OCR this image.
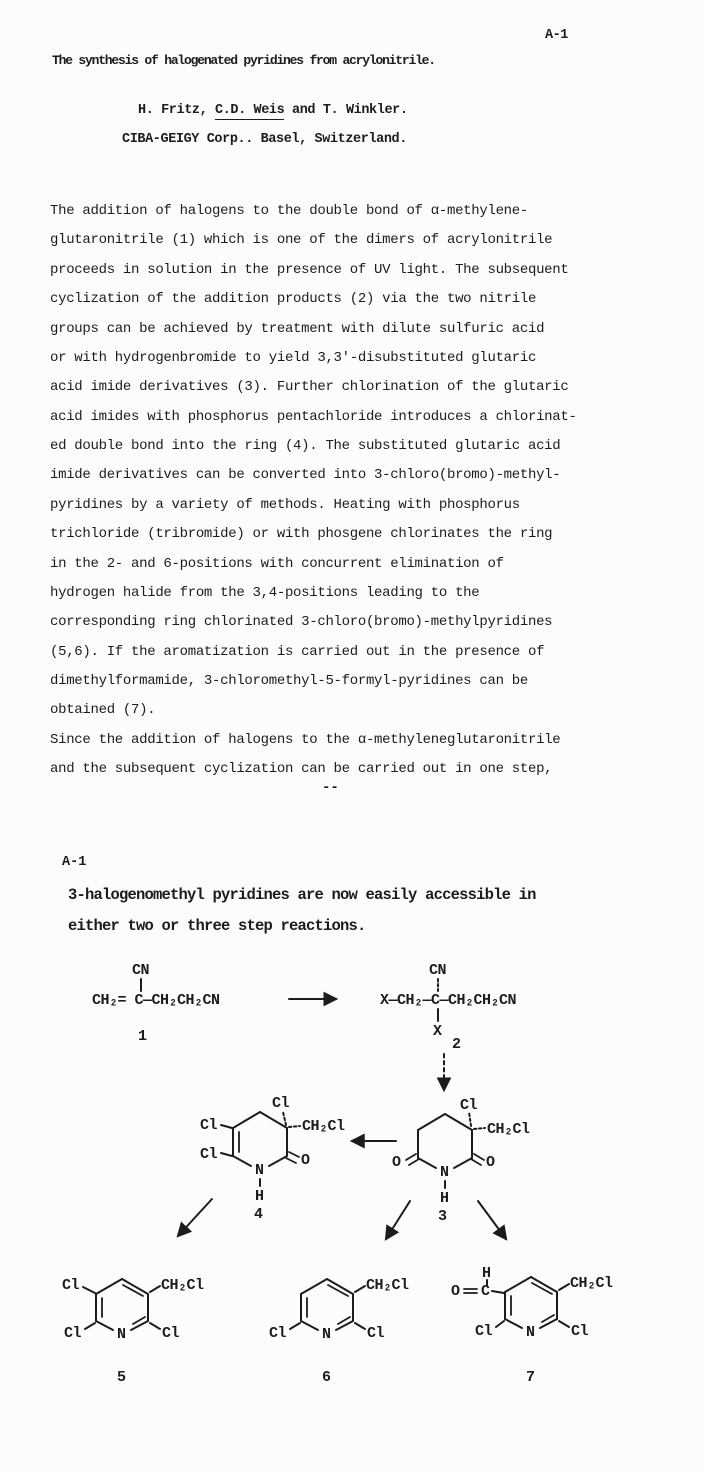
A-1
The synthesis of halogenated pyridines from acrylonitrile.
H. Fritz, C.D. Weis and T. Winkler.
CIBA-GEIGY Corp.. Basel, Switzerland.
The addition of halogens to the double bond of α-methylene-
glutaronitrile (1) which is one of the dimers of acrylonitrile
proceeds in solution in the presence of UV light. The subsequent
cyclization of the addition products (2) via the two nitrile
groups can be achieved by treatment with dilute sulfuric acid
or with hydrogenbromide to yield 3,3'-disubstituted glutaric
acid imide derivatives (3). Further chlorination of the glutaric
acid imides with phosphorus pentachloride introduces a chlorinat-
ed double bond into the ring (4). The substituted glutaric acid
imide derivatives can be converted into 3-chloro(bromo)-methyl-
pyridines by a variety of methods. Heating with phosphorus
trichloride (tribromide) or with phosgene chlorinates the ring
in the 2- and 6-positions with concurrent elimination of
hydrogen halide from the 3,4-positions leading to the
corresponding ring chlorinated 3-chloro(bromo)-methylpyridines
(5,6). If the aromatization is carried out in the presence of
dimethylformamide, 3-chloromethyl-5-formyl-pyridines can be
obtained (7).
Since the addition of halogens to the α-methyleneglutaronitrile
and the subsequent cyclization can be carried out in one step,
--
A-1
3-halogenomethyl pyridines are now easily accessible in
either two or three step reactions.
CN
CH₂= C—CH₂CH₂CN
1
CN
X—CH₂—C—CH₂CH₂CN
X
2
Cl
CH₂Cl
O	O
N
H
3
Cl
CH₂Cl
Cl
Cl	O
N
H
4
Cl	CH₂Cl
Cl	Cl
N
5
CH₂Cl
Cl	Cl
N
6
H
C
O	CH₂Cl
Cl	Cl
N
7
